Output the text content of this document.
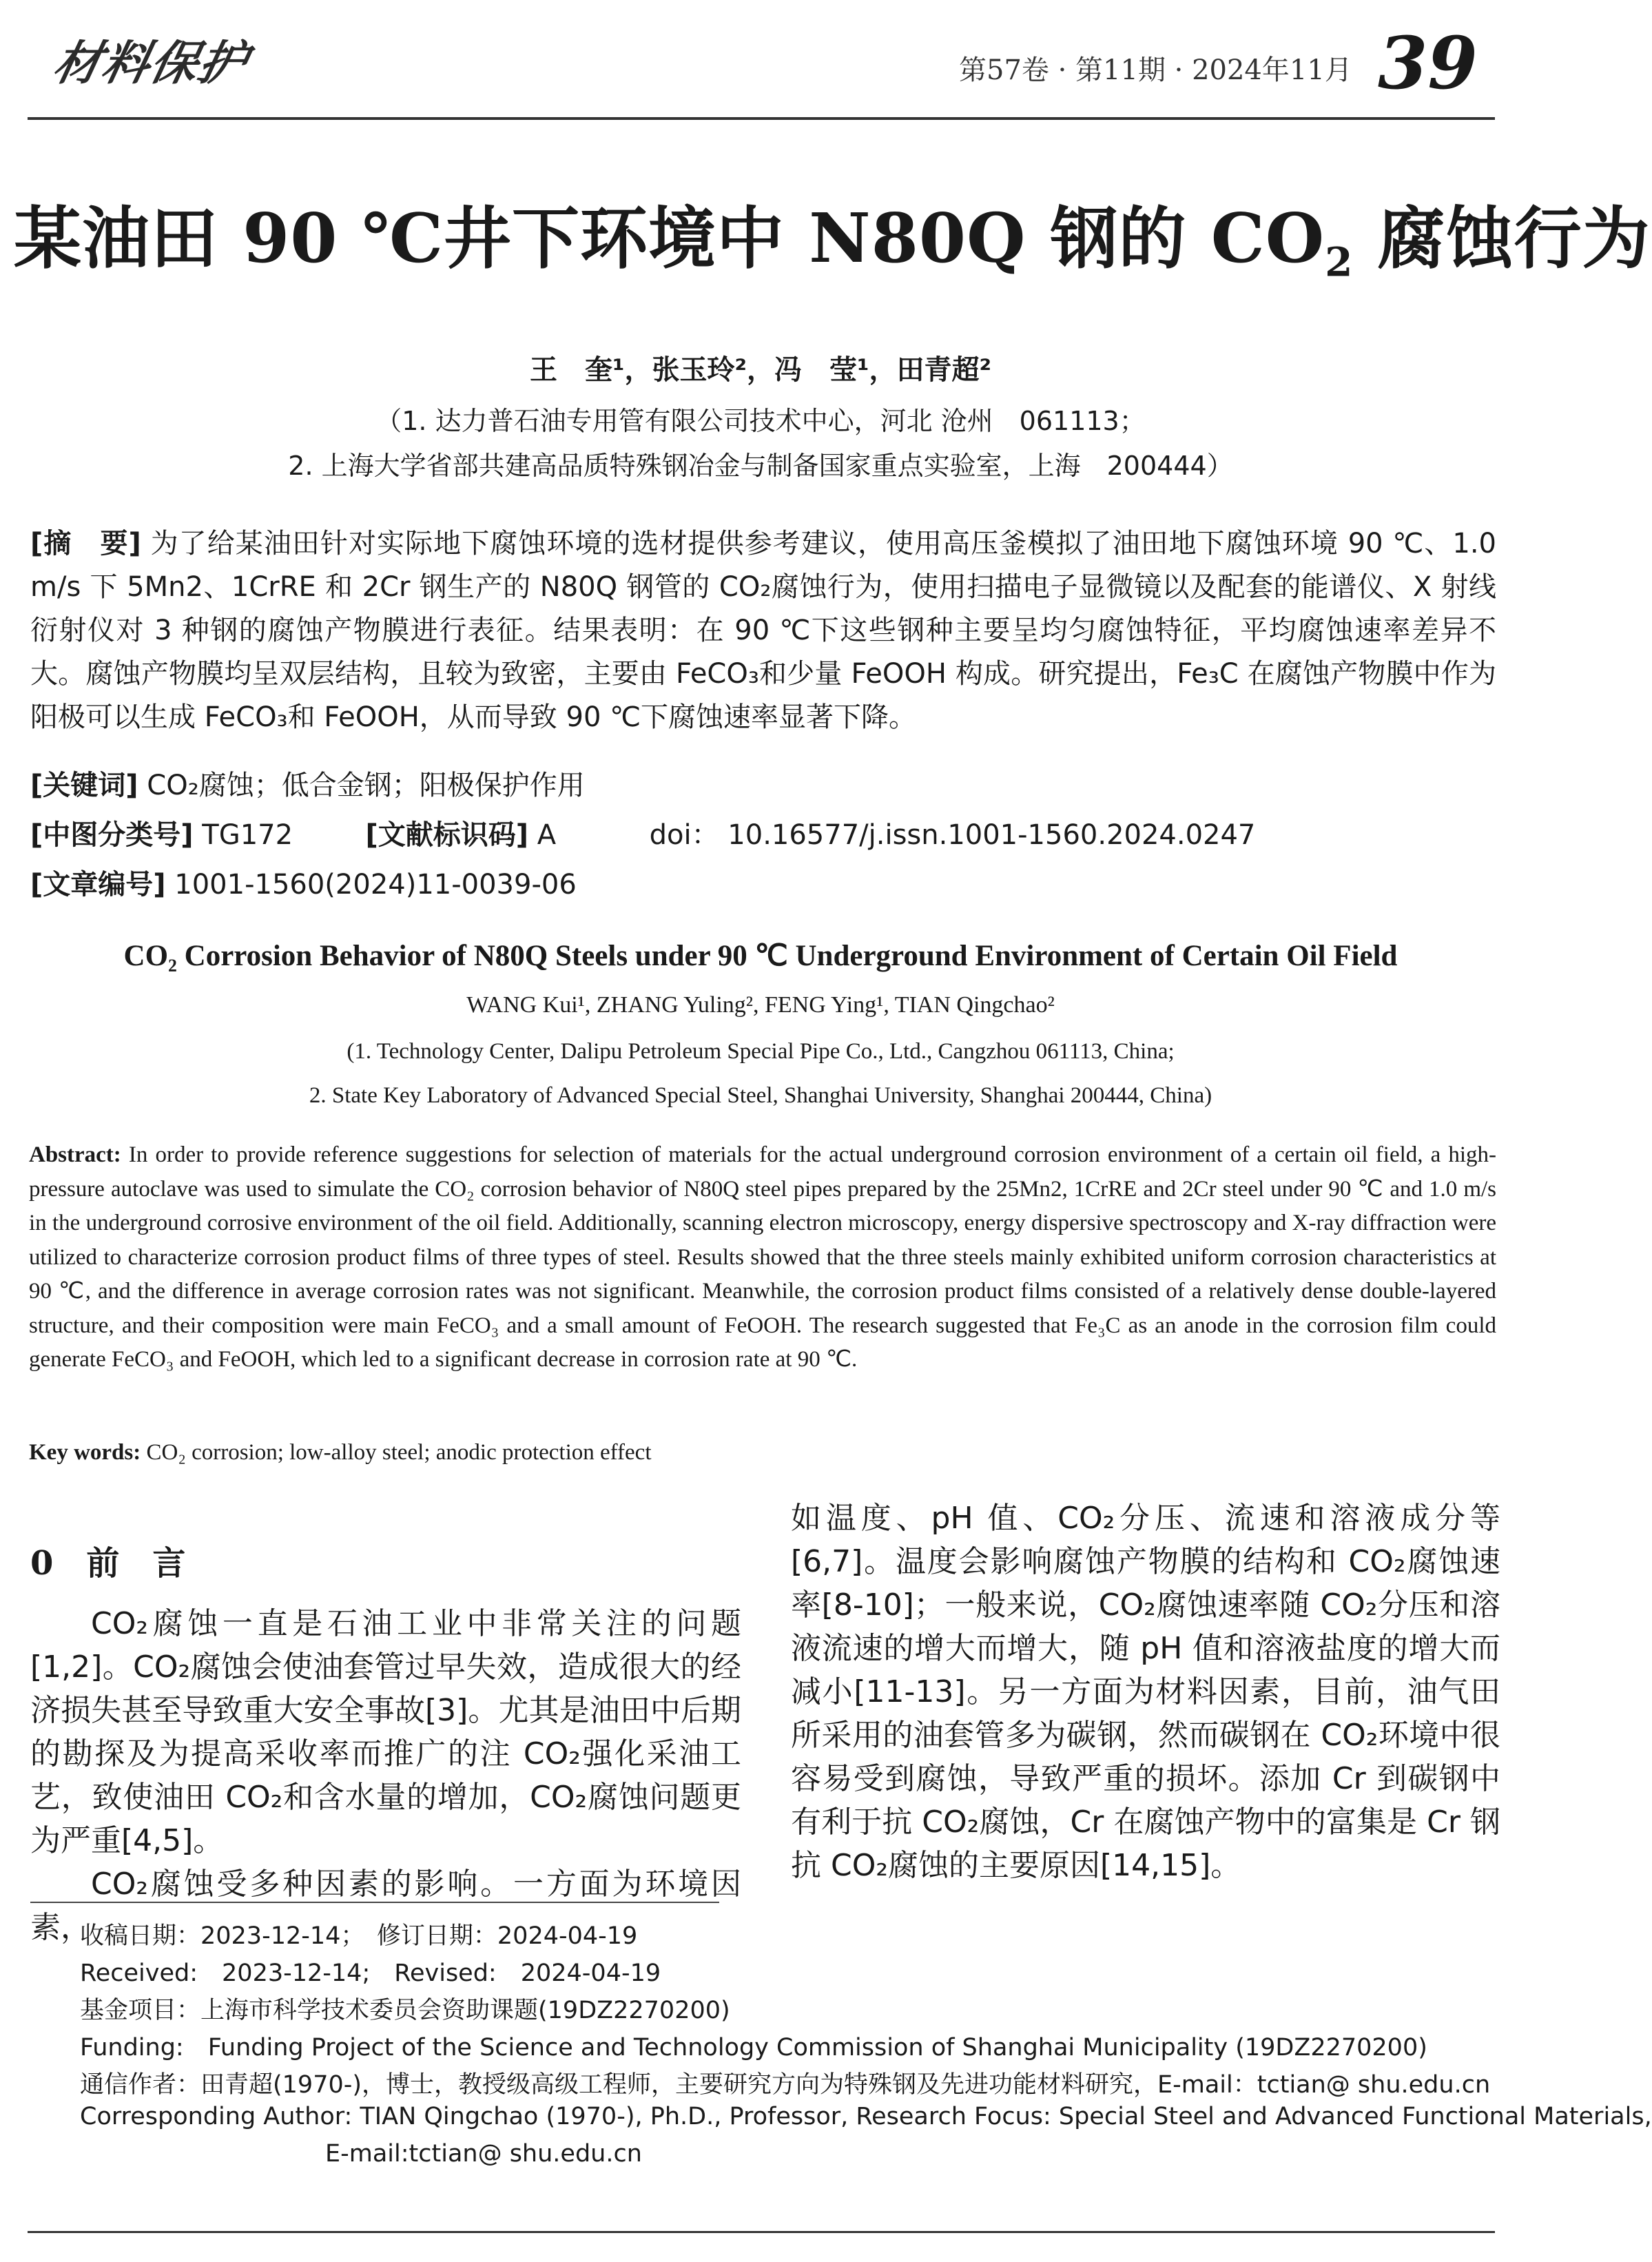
材料保护	第57卷 · 第11期 · 2024年11月 39
某油田 90 ℃井下环境中 N80Q 钢的 $CO_2$ 腐蚀行为
王　奎¹，张玉玲²，冯　莹¹，田青超²
（1. 达力普石油专用管有限公司技术中心，河北 沧州　061113；
2. 上海大学省部共建高品质特殊钢冶金与制备国家重点实验室，上海　200444）
[摘　要] 为了给某油田针对实际地下腐蚀环境的选材提供参考建议，使用高压釜模拟了油田地下腐蚀环境 90 ℃、1.0 m/s 下 5Mn2、1CrRE 和 2Cr 钢生产的 N80Q 钢管的 CO₂腐蚀行为，使用扫描电子显微镜以及配套的能谱仪、X 射线衍射仪对 3 种钢的腐蚀产物膜进行表征。结果表明：在 90 ℃下这些钢种主要呈均匀腐蚀特征，平均腐蚀速率差异不大。腐蚀产物膜均呈双层结构，且较为致密，主要由 FeCO₃和少量 FeOOH 构成。研究提出，Fe₃C 在腐蚀产物膜中作为阳极可以生成 FeCO₃和 FeOOH，从而导致 90 ℃下腐蚀速率显著下降。
[关键词] CO₂腐蚀；低合金钢；阳极保护作用
[中图分类号] TG172	[文献标识码] A	doi： 10.16577/j.issn.1001-1560.2024.0247
[文章编号] 1001-1560(2024)11-0039-06
CO₂ Corrosion Behavior of N80Q Steels under 90 ℃ Underground Environment of Certain Oil Field
WANG Kui¹, ZHANG Yuling², FENG Ying¹, TIAN Qingchao²
(1. Technology Center, Dalipu Petroleum Special Pipe Co., Ltd., Cangzhou 061113, China;
2. State Key Laboratory of Advanced Special Steel, Shanghai University, Shanghai 200444, China)
Abstract: In order to provide reference suggestions for selection of materials for the actual underground corrosion environment of a certain oil field, a high-pressure autoclave was used to simulate the CO₂ corrosion behavior of N80Q steel pipes prepared by the 25Mn2, 1CrRE and 2Cr steel under 90 ℃ and 1.0 m/s in the underground corrosive environment of the oil field. Additionally, scanning electron microscopy, energy dispersive spectroscopy and X-ray diffraction were utilized to characterize corrosion product films of three types of steel. Results showed that the three steels mainly exhibited uniform corrosion characteristics at 90 ℃, and the difference in average corrosion rates was not significant. Meanwhile, the corrosion product films consisted of a relatively dense double-layered structure, and their composition were main FeCO₃ and a small amount of FeOOH. The research suggested that Fe₃C as an anode in the corrosion film could generate FeCO₃ and FeOOH, which led to a significant decrease in corrosion rate at 90 ℃.
Key words: CO₂ corrosion; low-alloy steel; anodic protection effect
0　前　言

CO₂腐蚀一直是石油工业中非常关注的问题[1,2]。CO₂腐蚀会使油套管过早失效，造成很大的经济损失甚至导致重大安全事故[3]。尤其是油田中后期的勘探及为提高采收率而推广的注 CO₂强化采油工艺，致使油田 CO₂和含水量的增加，CO₂腐蚀问题更为严重[4,5]。

CO₂腐蚀受多种因素的影响。一方面为环境因素，

如温度、pH 值、CO₂分压、流速和溶液成分等[6,7]。温度会影响腐蚀产物膜的结构和 CO₂腐蚀速率[8-10]；一般来说，CO₂腐蚀速率随 CO₂分压和溶液流速的增大而增大，随 pH 值和溶液盐度的增大而减小[11-13]。另一方面为材料因素，目前，油气田所采用的油套管多为碳钢，然而碳钢在 CO₂环境中很容易受到腐蚀，导致严重的损坏。添加 Cr 到碳钢中有利于抗 CO₂腐蚀，Cr 在腐蚀产物中的富集是 Cr 钢抗 CO₂腐蚀的主要原因[14,15]。

收稿日期：2023-12-14；　修订日期：2024-04-19
Received:　2023-12-14;　Revised:　2024-04-19
基金项目：上海市科学技术委员会资助课题(19DZ2270200)
Funding:　Funding Project of the Science and Technology Commission of Shanghai Municipality (19DZ2270200)
通信作者：田青超(1970-)，博士，教授级高级工程师，主要研究方向为特殊钢及先进功能材料研究，E-mail：tctian@ shu.edu.cn
Corresponding Author: TIAN Qingchao (1970-), Ph.D., Professor, Research Focus: Special Steel and Advanced Functional Materials,
E-mail:tctian@ shu.edu.cn
